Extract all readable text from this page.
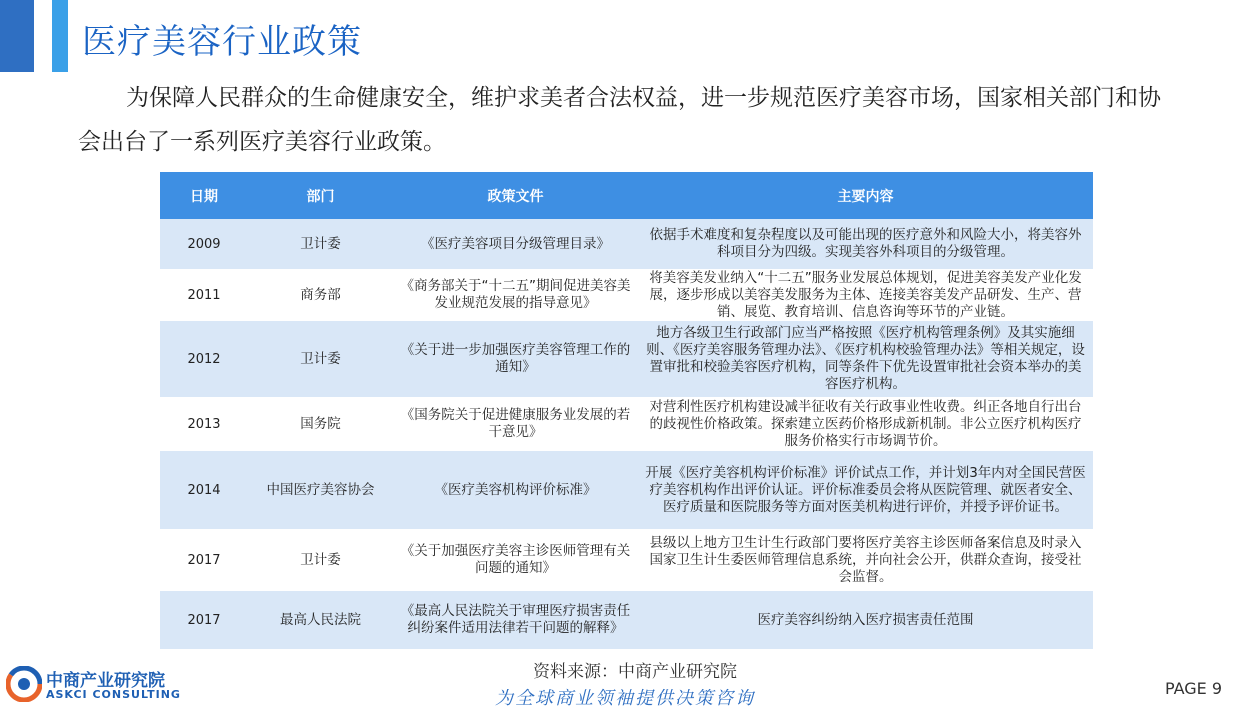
医疗美容行业政策
为保障人民群众的生命健康安全，维护求美者合法权益，进一步规范医疗美容市场，国家相关部门和协会出台了一系列医疗美容行业政策。
日期	部门	政策文件	主要内容
2009	卫计委	《医疗美容项目分级管理目录》	依据手术难度和复杂程度以及可能出现的医疗意外和风险大小，将美容外科项目分为四级。实现美容外科项目的分级管理。
2011	商务部	《商务部关于“十二五”期间促进美容美发业规范发展的指导意见》	将美容美发业纳入“十二五”服务业发展总体规划，促进美容美发产业化发展，逐步形成以美容美发服务为主体、连接美容美发产品研发、生产、营销、展览、教育培训、信息咨询等环节的产业链。
2012	卫计委	《关于进一步加强医疗美容管理工作的通知》	地方各级卫生行政部门应当严格按照《医疗机构管理条例》及其实施细则、《医疗美容服务管理办法》、《医疗机构校验管理办法》等相关规定，设置审批和校验美容医疗机构，同等条件下优先设置审批社会资本举办的美容医疗机构。
2013	国务院	《国务院关于促进健康服务业发展的若干意见》	对营利性医疗机构建设减半征收有关行政事业性收费。纠正各地自行出台的歧视性价格政策。探索建立医药价格形成新机制。非公立医疗机构医疗服务价格实行市场调节价。
2014	中国医疗美容协会	《医疗美容机构评价标准》	开展《医疗美容机构评价标准》评价试点工作，并计划3年内对全国民营医疗美容机构作出评价认证。评价标准委员会将从医院管理、就医者安全、医疗质量和医院服务等方面对医美机构进行评价，并授予评价证书。
2017	卫计委	《关于加强医疗美容主诊医师管理有关问题的通知》	县级以上地方卫生计生行政部门要将医疗美容主诊医师备案信息及时录入国家卫生计生委医师管理信息系统，并向社会公开，供群众查询，接受社会监督。
2017	最高人民法院	《最高人民法院关于审理医疗损害责任纠纷案件适用法律若干问题的解释》	医疗美容纠纷纳入医疗损害责任范围
资料来源：中商产业研究院
为全球商业领袖提供决策咨询
中商产业研究院
ASKCI CONSULTING	PAGE 9
